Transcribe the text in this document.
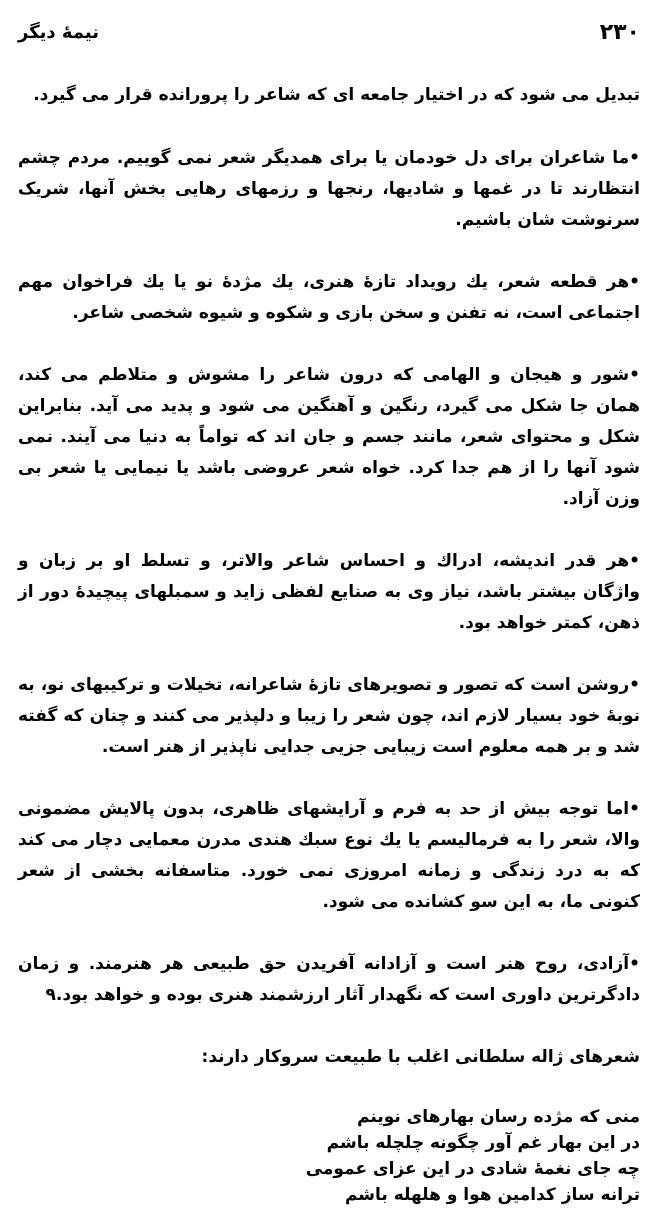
۲۳۰
نیمهٔ دیگر

تبدیل می شود که در اختیار جامعه ای که شاعر را پرورانده قرار می گیرد.

•ما شاعران برای دل خودمان یا برای همدیگر شعر نمی گوییم. مردم چشم انتظارند تا در غمها و شادیها، رنجها و رزمهای رهایی بخش آنها، شریک سرنوشت شان باشیم.

•هر قطعه شعر، یك رویداد تازهٔ هنری، یك مژدهٔ نو یا یك فراخوان مهم اجتماعی است، نه تفنن و سخن بازی و شکوه و شیوه شخصی شاعر.

•شور و هیجان و الهامی که درون شاعر را مشوش و متلاطم می کند، همان جا شکل می گیرد، رنگین و آهنگین می شود و پدید می آید. بنابراین شکل و محتوای شعر، مانند جسم و جان اند که تواماً به دنیا می آیند. نمی شود آنها را از هم جدا کرد. خواه شعر عروضی باشد یا نیمایی یا شعر بی وزن آزاد.

•هر قدر اندیشه، ادراك و احساس شاعر والاتر، و تسلط او بر زبان و واژگان بیشتر باشد، نیاز وی به صنایع لفظی زاید و سمبلهای پیچیدهٔ دور از ذهن، کمتر خواهد بود.

•روشن است که تصور و تصویرهای تازهٔ شاعرانه، تخیلات و ترکیبهای نو، به نوبهٔ خود بسیار لازم اند، چون شعر را زیبا و دلپذیر می کنند و چنان که گفته شد و بر همه معلوم است زیبایی جزیی جدایی ناپذیر از هنر است.

•اما توجه بیش از حد به فرم و آرایشهای ظاهری، بدون پالایش مضمونی والا، شعر را به فرمالیسم یا یك نوع سبك هندی مدرن معمایی دچار می کند که به درد زندگی و زمانه امروزی نمی خورد. متاسفانه بخشی از شعر کنونی ما، به این سو کشانده می شود.

•آزادی، روح هنر است و آزادانه آفریدن حق طبیعی هر هنرمند. و زمان دادگرترین داوری است که نگهدار آثار ارزشمند هنری بوده و خواهد بود.۹

شعرهای ژاله سلطانی اغلب با طبیعت سروکار دارند:

منی که مژده رسان بهارهای نوینم

در این بهار غم آور چگونه چلچله باشم

چه جای نغمهٔ شادی در این عزای عمومی

ترانه ساز کدامین هوا و هلهله باشم
